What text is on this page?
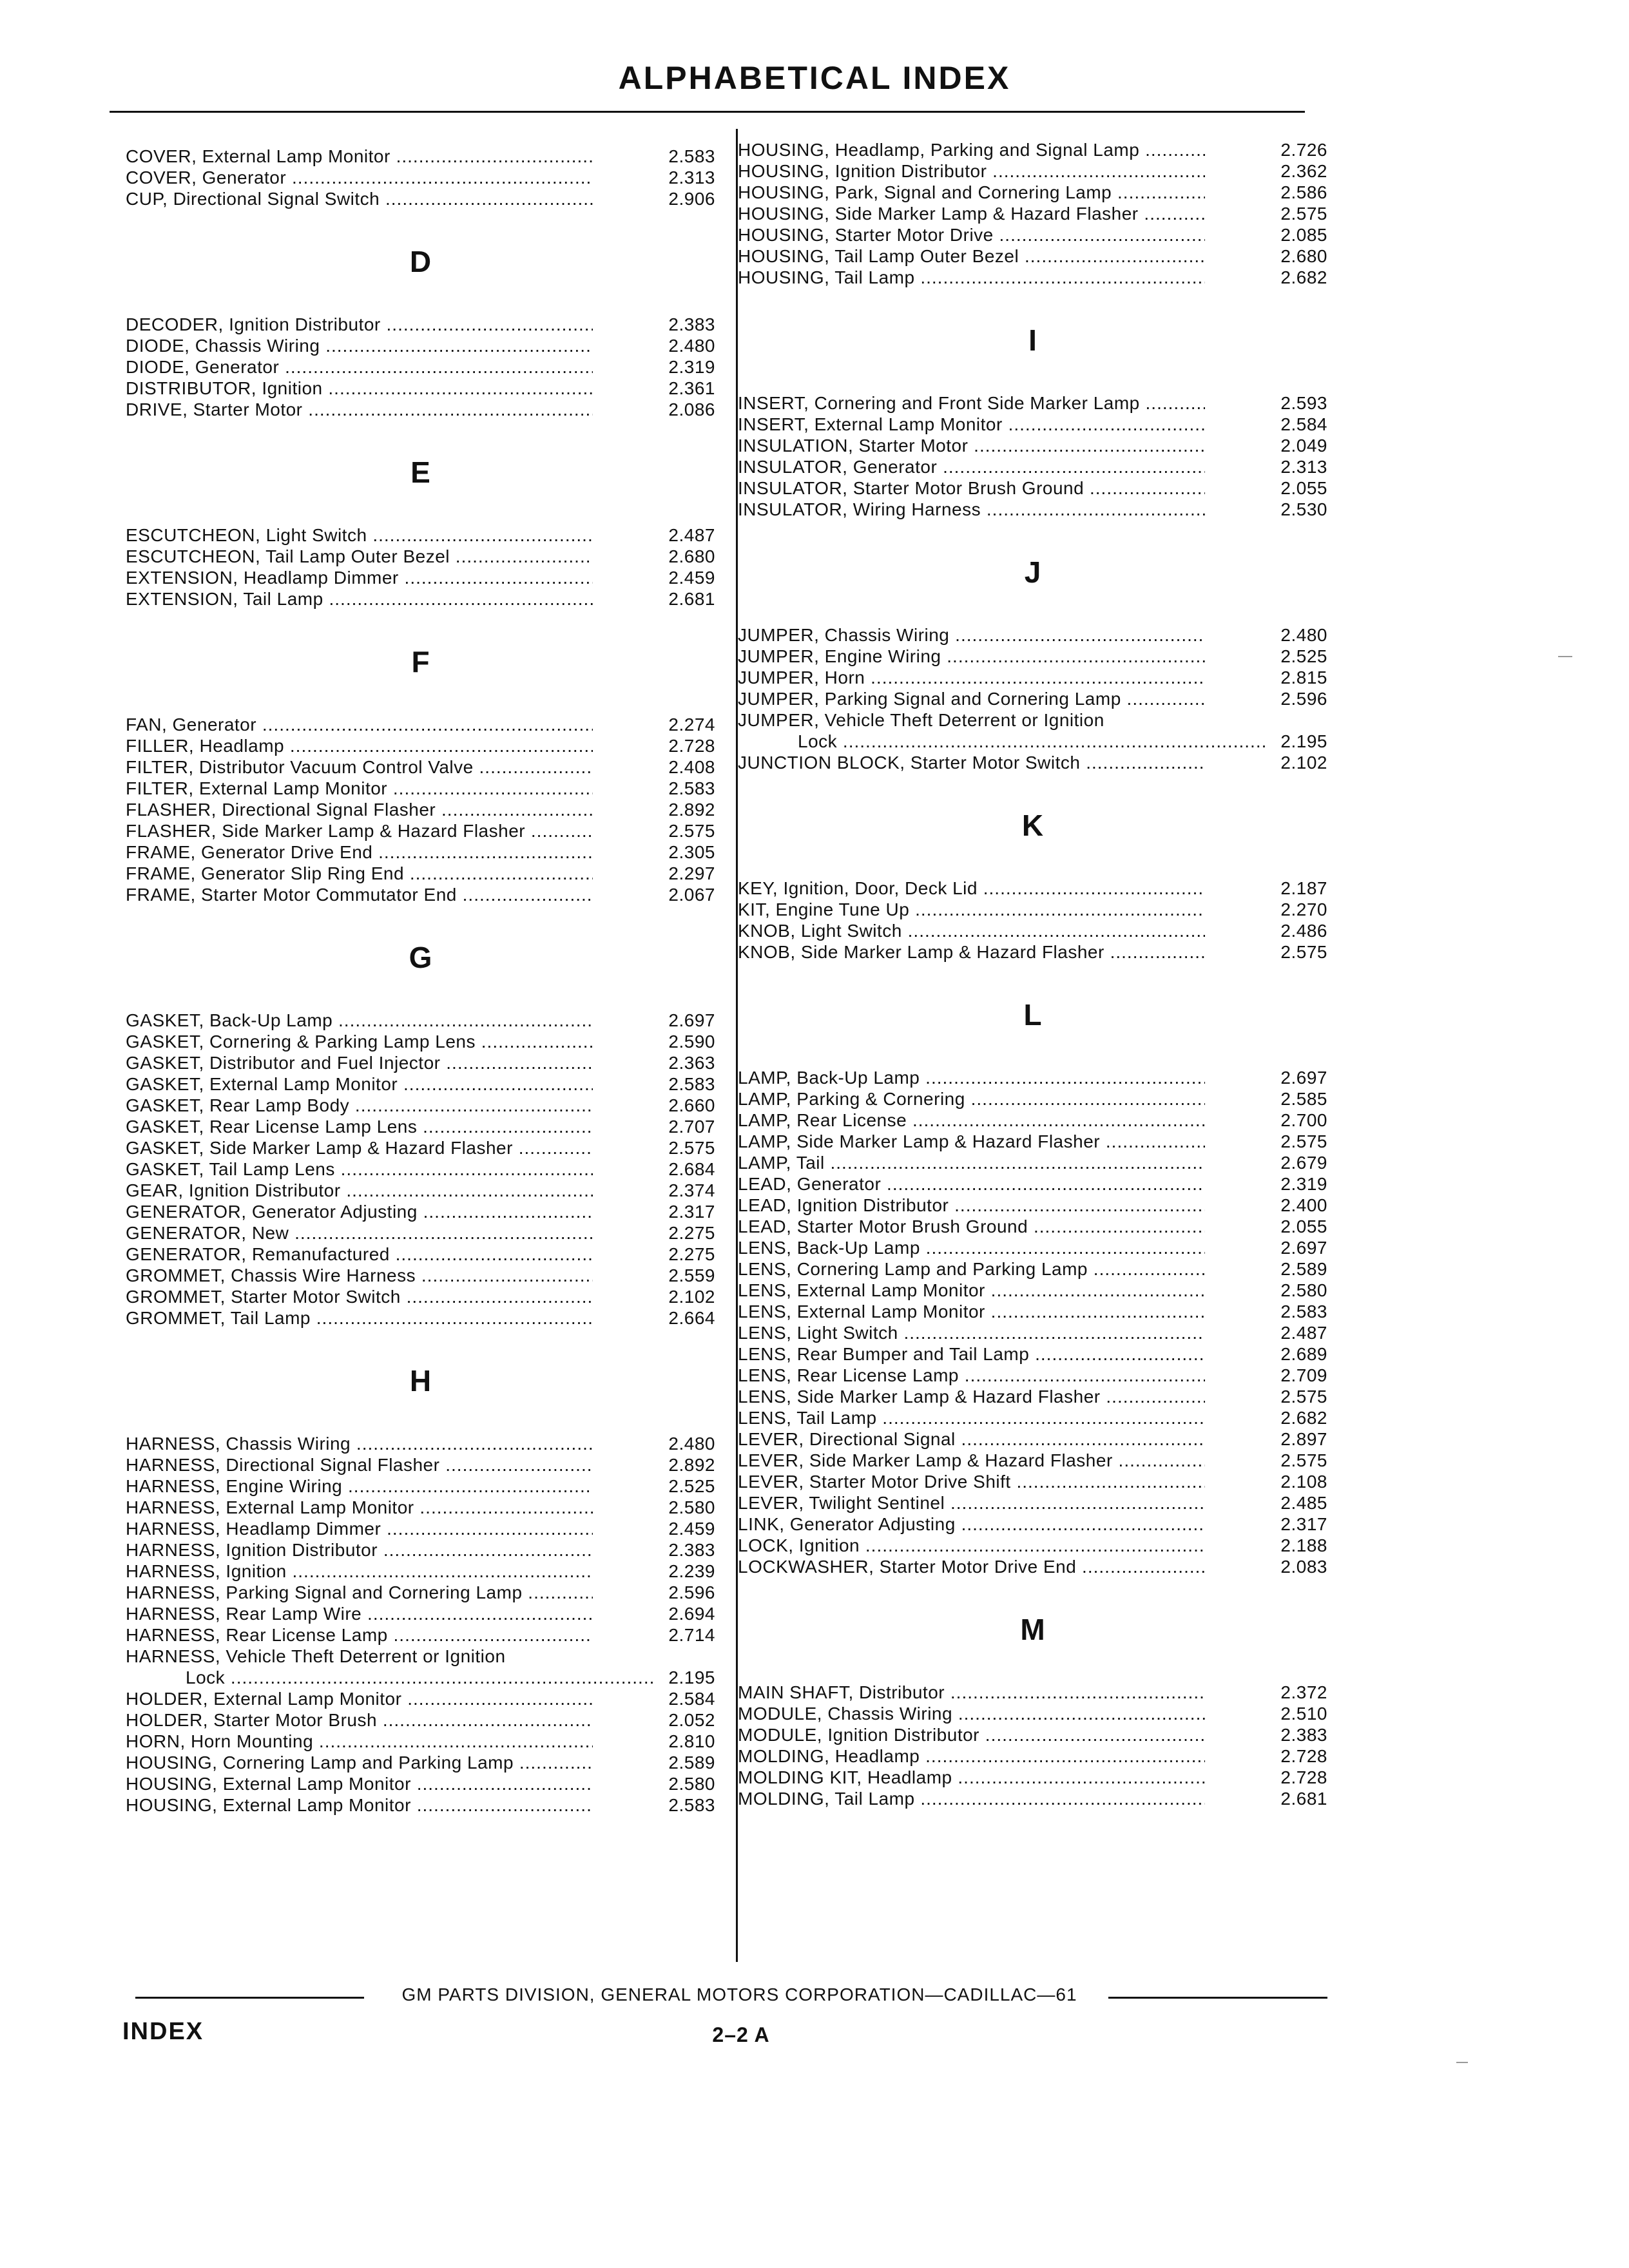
ALPHABETICAL INDEX
COVER, External Lamp Monitor .....	2.583
COVER, Generator .....	2.313
CUP, Directional Signal Switch .....	2.906
D
DECODER, Ignition Distributor .....	2.383
DIODE, Chassis Wiring .....	2.480
DIODE, Generator .....	2.319
DISTRIBUTOR, Ignition .....	2.361
DRIVE, Starter Motor .....	2.086
E
ESCUTCHEON, Light Switch .....	2.487
ESCUTCHEON, Tail Lamp Outer Bezel .....	2.680
EXTENSION, Headlamp Dimmer .....	2.459
EXTENSION, Tail Lamp .....	2.681
F
FAN, Generator .....	2.274
FILLER, Headlamp .....	2.728
FILTER, Distributor Vacuum Control Valve .....	2.408
FILTER, External Lamp Monitor .....	2.583
FLASHER, Directional Signal Flasher .....	2.892
FLASHER, Side Marker Lamp & Hazard Flasher .....	2.575
FRAME, Generator Drive End .....	2.305
FRAME, Generator Slip Ring End .....	2.297
FRAME, Starter Motor Commutator End .....	2.067
G
GASKET, Back-Up Lamp .....	2.697
GASKET, Cornering & Parking Lamp Lens .....	2.590
GASKET, Distributor and Fuel Injector .....	2.363
GASKET, External Lamp Monitor .....	2.583
GASKET, Rear Lamp Body .....	2.660
GASKET, Rear License Lamp Lens .....	2.707
GASKET, Side Marker Lamp & Hazard Flasher .....	2.575
GASKET, Tail Lamp Lens .....	2.684
GEAR, Ignition Distributor .....	2.374
GENERATOR, Generator Adjusting .....	2.317
GENERATOR, New .....	2.275
GENERATOR, Remanufactured .....	2.275
GROMMET, Chassis Wire Harness .....	2.559
GROMMET, Starter Motor Switch .....	2.102
GROMMET, Tail Lamp .....	2.664
H
HARNESS, Chassis Wiring .....	2.480
HARNESS, Directional Signal Flasher .....	2.892
HARNESS, Engine Wiring .....	2.525
HARNESS, External Lamp Monitor .....	2.580
HARNESS, Headlamp Dimmer .....	2.459
HARNESS, Ignition Distributor .....	2.383
HARNESS, Ignition .....	2.239
HARNESS, Parking Signal and Cornering Lamp .....	2.596
HARNESS, Rear Lamp Wire .....	2.694
HARNESS, Rear License Lamp .....	2.714
HARNESS, Vehicle Theft Deterrent or Ignition
Lock .....	2.195
HOLDER, External Lamp Monitor .....	2.584
HOLDER, Starter Motor Brush .....	2.052
HORN, Horn Mounting .....	2.810
HOUSING, Cornering Lamp and Parking Lamp .....	2.589
HOUSING, External Lamp Monitor .....	2.580
HOUSING, External Lamp Monitor .....	2.583
HOUSING, Headlamp, Parking and Signal Lamp .....	2.726
HOUSING, Ignition Distributor .....	2.362
HOUSING, Park, Signal and Cornering Lamp .....	2.586
HOUSING, Side Marker Lamp & Hazard Flasher .....	2.575
HOUSING, Starter Motor Drive .....	2.085
HOUSING, Tail Lamp Outer Bezel .....	2.680
HOUSING, Tail Lamp .....	2.682
I
INSERT, Cornering and Front Side Marker Lamp .....	2.593
INSERT, External Lamp Monitor .....	2.584
INSULATION, Starter Motor .....	2.049
INSULATOR, Generator .....	2.313
INSULATOR, Starter Motor Brush Ground .....	2.055
INSULATOR, Wiring Harness .....	2.530
J
JUMPER, Chassis Wiring .....	2.480
JUMPER, Engine Wiring .....	2.525
JUMPER, Horn .....	2.815
JUMPER, Parking Signal and Cornering Lamp .....	2.596
JUMPER, Vehicle Theft Deterrent or Ignition
Lock .....	2.195
JUNCTION BLOCK, Starter Motor Switch .....	2.102
K
KEY, Ignition, Door, Deck Lid .....	2.187
KIT, Engine Tune Up .....	2.270
KNOB, Light Switch .....	2.486
KNOB, Side Marker Lamp & Hazard Flasher .....	2.575
L
LAMP, Back-Up Lamp .....	2.697
LAMP, Parking & Cornering .....	2.585
LAMP, Rear License .....	2.700
LAMP, Side Marker Lamp & Hazard Flasher .....	2.575
LAMP, Tail .....	2.679
LEAD, Generator .....	2.319
LEAD, Ignition Distributor .....	2.400
LEAD, Starter Motor Brush Ground .....	2.055
LENS, Back-Up Lamp .....	2.697
LENS, Cornering Lamp and Parking Lamp .....	2.589
LENS, External Lamp Monitor .....	2.580
LENS, External Lamp Monitor .....	2.583
LENS, Light Switch .....	2.487
LENS, Rear Bumper and Tail Lamp .....	2.689
LENS, Rear License Lamp .....	2.709
LENS, Side Marker Lamp & Hazard Flasher .....	2.575
LENS, Tail Lamp .....	2.682
LEVER, Directional Signal .....	2.897
LEVER, Side Marker Lamp & Hazard Flasher .....	2.575
LEVER, Starter Motor Drive Shift .....	2.108
LEVER, Twilight Sentinel .....	2.485
LINK, Generator Adjusting .....	2.317
LOCK, Ignition .....	2.188
LOCKWASHER, Starter Motor Drive End .....	2.083
M
MAIN SHAFT, Distributor .....	2.372
MODULE, Chassis Wiring .....	2.510
MODULE, Ignition Distributor .....	2.383
MOLDING, Headlamp .....	2.728
MOLDING KIT, Headlamp .....	2.728
MOLDING, Tail Lamp .....	2.681
GM PARTS DIVISION, GENERAL MOTORS CORPORATION—CADILLAC—61
INDEX	2–2 A
